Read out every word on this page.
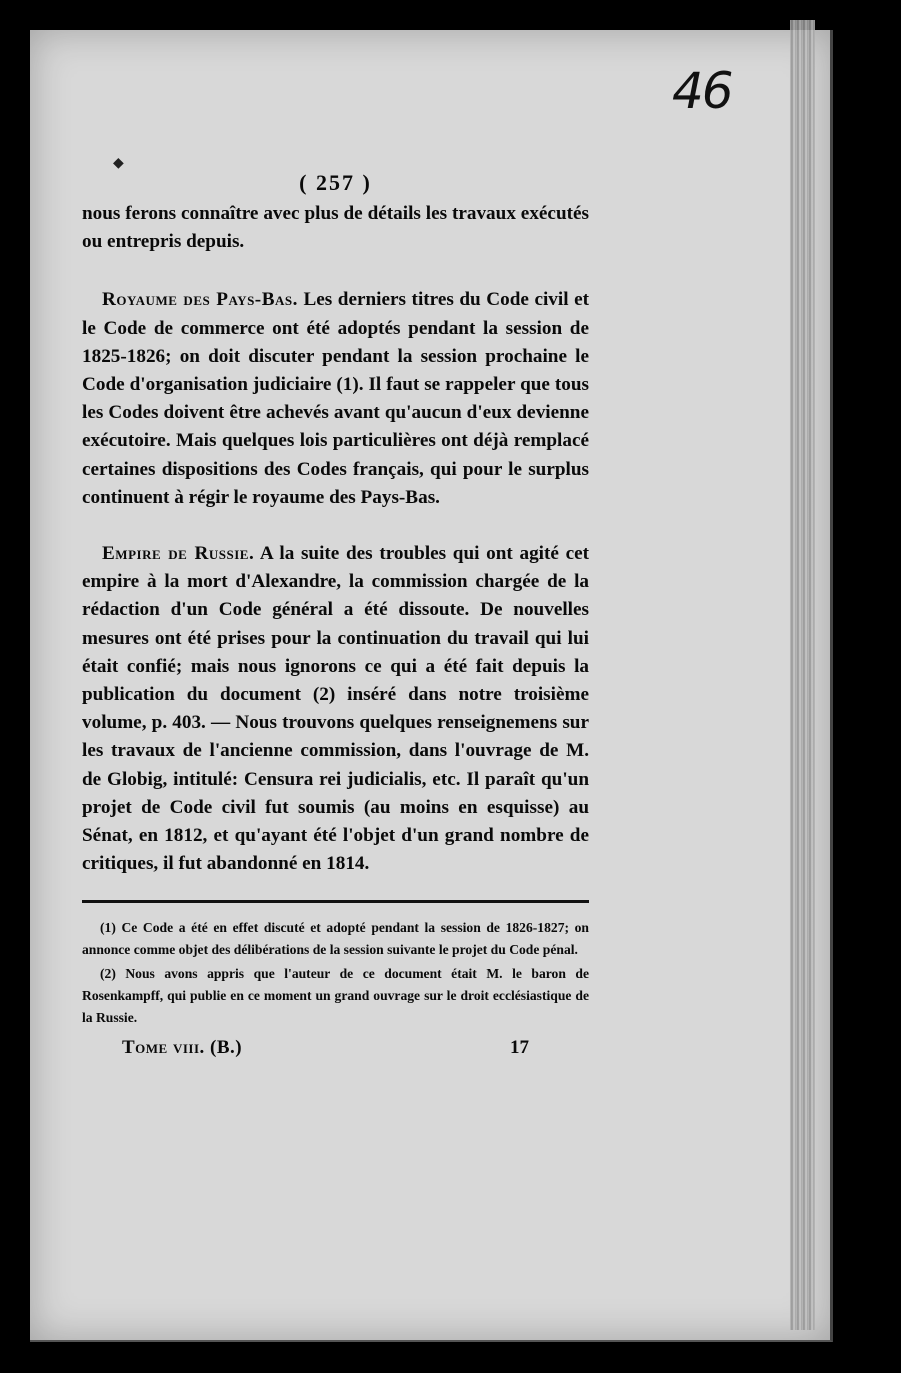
46
◆
( 257 )

nous ferons connaître avec plus de détails les travaux exécutés ou entrepris depuis.

Royaume des Pays-Bas. Les derniers titres du Code civil et le Code de commerce ont été adoptés pendant la session de 1825-1826; on doit discuter pendant la session prochaine le Code d'organisation judiciaire (1). Il faut se rappeler que tous les Codes doivent être achevés avant qu'aucun d'eux devienne exécutoire. Mais quelques lois particulières ont déjà remplacé certaines dispositions des Codes français, qui pour le surplus continuent à régir le royaume des Pays-Bas.

Empire de Russie. A la suite des troubles qui ont agité cet empire à la mort d'Alexandre, la commission chargée de la rédaction d'un Code général a été dissoute. De nouvelles mesures ont été prises pour la continuation du travail qui lui était confié; mais nous ignorons ce qui a été fait depuis la publication du document (2) inséré dans notre troisième volume, p. 403. — Nous trouvons quelques renseignemens sur les travaux de l'ancienne commission, dans l'ouvrage de M. de Globig, intitulé: Censura rei judicialis, etc. Il paraît qu'un projet de Code civil fut soumis (au moins en esquisse) au Sénat, en 1812, et qu'ayant été l'objet d'un grand nombre de critiques, il fut abandonné en 1814.

(1) Ce Code a été en effet discuté et adopté pendant la session de 1826-1827; on annonce comme objet des délibérations de la session suivante le projet du Code pénal.

(2) Nous avons appris que l'auteur de ce document était M. le baron de Rosenkampff, qui publie en ce moment un grand ouvrage sur le droit ecclésiastique de la Russie.

Tome viii. (B.)	17
